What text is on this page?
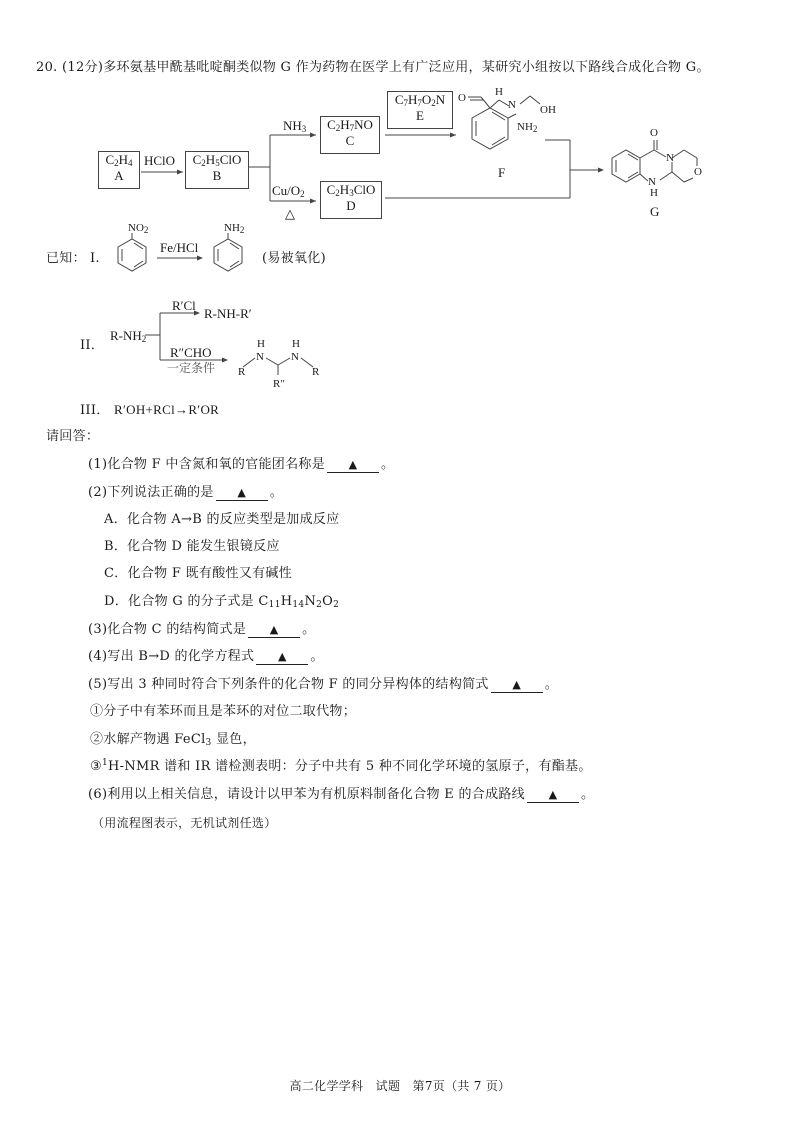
20. (12分)多环氨基甲酰基吡啶酮类似物 G 作为药物在医学上有广泛应用，某研究小组按以下路线合成化合物 G。
$C_2H_4$
A
HClO	$C_2H_5ClO$
B
$NH_3$
$Cu/O_2$
△
$C_2H_7NO$
C
$C_2H_3ClO$
D
$C_7H_7O_2N$
E
O	H
N OH
$NH_2$
F
O
N
O
N
H
G
已知： I.
$NO_2$
Fe/HCl
$NH_2$
(易被氧化)
II．
$R-NH_2$
R′Cl
R-NH-R′
R″CHO
一定条件
H
N
H
N
R	R
R″
III． R′OH+RCl→R′OR
请回答：
(1)化合物 F 中含氮和氧的官能团名称是 ▲ 。
(2)下列说法正确的是 ▲ 。
A．化合物 A→B 的反应类型是加成反应
B．化合物 D 能发生银镜反应
C．化合物 F 既有酸性又有碱性
D．化合物 G 的分子式是 $C_{11}H_{14}N_2O_2$
(3)化合物 C 的结构简式是 ▲ 。
(4)写出 B→D 的化学方程式 ▲ 。
(5)写出 3 种同时符合下列条件的化合物 F 的同分异构体的结构简式 ▲ 。
①分子中有苯环而且是苯环的对位二取代物；
②水解产物遇 FeCl$_3$ 显色，
③$^1$H-NMR 谱和 IR 谱检测表明：分子中共有 5 种不同化学环境的氢原子，有酯基。
(6)利用以上相关信息，请设计以甲苯为有机原料制备化合物 E 的合成路线 ▲ 。
（用流程图表示，无机试剂任选）
高二化学学科　试题　第7页（共 7 页）
